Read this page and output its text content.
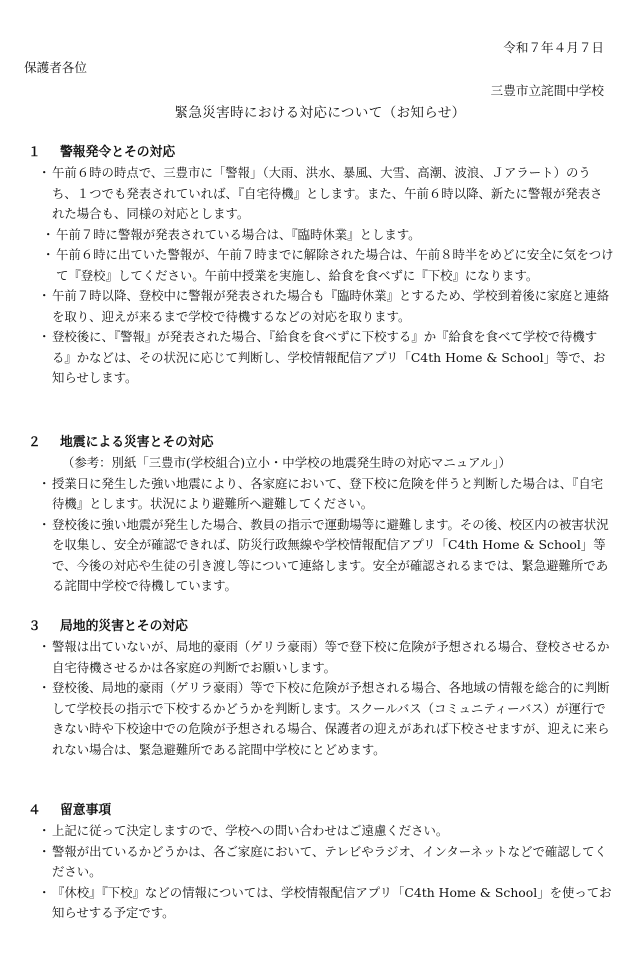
令和７年４月７日
保護者各位
三豊市立詫間中学校
緊急災害時における対応について（お知らせ）
１	警報発令とその対応
・ 午前６時の時点で、三豊市に「警報」（大雨、洪水、暴風、大雪、高潮、波浪、Ｊアラート）のうち、１つでも発表されていれば、『自宅待機』とします。また、午前６時以降、新たに警報が発表された場合も、同様の対応とします。
・ 午前７時に警報が発表されている場合は、『臨時休業』とします。
・ 午前６時に出ていた警報が、午前７時までに解除された場合は、午前８時半をめどに安全に気をつけて『登校』してください。午前中授業を実施し、給食を食べずに『下校』になります。
・ 午前７時以降、登校中に警報が発表された場合も『臨時休業』とするため、学校到着後に家庭と連絡を取り、迎えが来るまで学校で待機するなどの対応を取ります。
・ 登校後に、『警報』が発表された場合、『給食を食べずに下校する』か『給食を食べて学校で待機する』かなどは、その状況に応じて判断し、学校情報配信アプリ「C4th Home & School」等で、お知らせします。
２	地震による災害とその対応
（参考：別紙「三豊市(学校組合)立小・中学校の地震発生時の対応マニュアル」）
・ 授業日に発生した強い地震により、各家庭において、登下校に危険を伴うと判断した場合は、『自宅待機』とします。状況により避難所へ避難してください。
・ 登校後に強い地震が発生した場合、教員の指示で運動場等に避難します。その後、校区内の被害状況を収集し、安全が確認できれば、防災行政無線や学校情報配信アプリ「C4th Home & School」等で、今後の対応や生徒の引き渡し等について連絡します。安全が確認されるまでは、緊急避難所である詫間中学校で待機しています。
３	局地的災害とその対応
・ 警報は出ていないが、局地的豪雨（ゲリラ豪雨）等で登下校に危険が予想される場合、登校させるか自宅待機させるかは各家庭の判断でお願いします。
・ 登校後、局地的豪雨（ゲリラ豪雨）等で下校に危険が予想される場合、各地域の情報を総合的に判断して学校長の指示で下校するかどうかを判断します。スクールバス（コミュニティーバス）が運行できない時や下校途中での危険が予想される場合、保護者の迎えがあれば下校させますが、迎えに来られない場合は、緊急避難所である詫間中学校にとどめます。
４	留意事項
・ 上記に従って決定しますので、学校への問い合わせはご遠慮ください。
・ 警報が出ているかどうかは、各ご家庭において、テレビやラジオ、インターネットなどで確認してください。
・ 『休校』『下校』などの情報については、学校情報配信アプリ「C4th Home & School」を使ってお知らせする予定です。
